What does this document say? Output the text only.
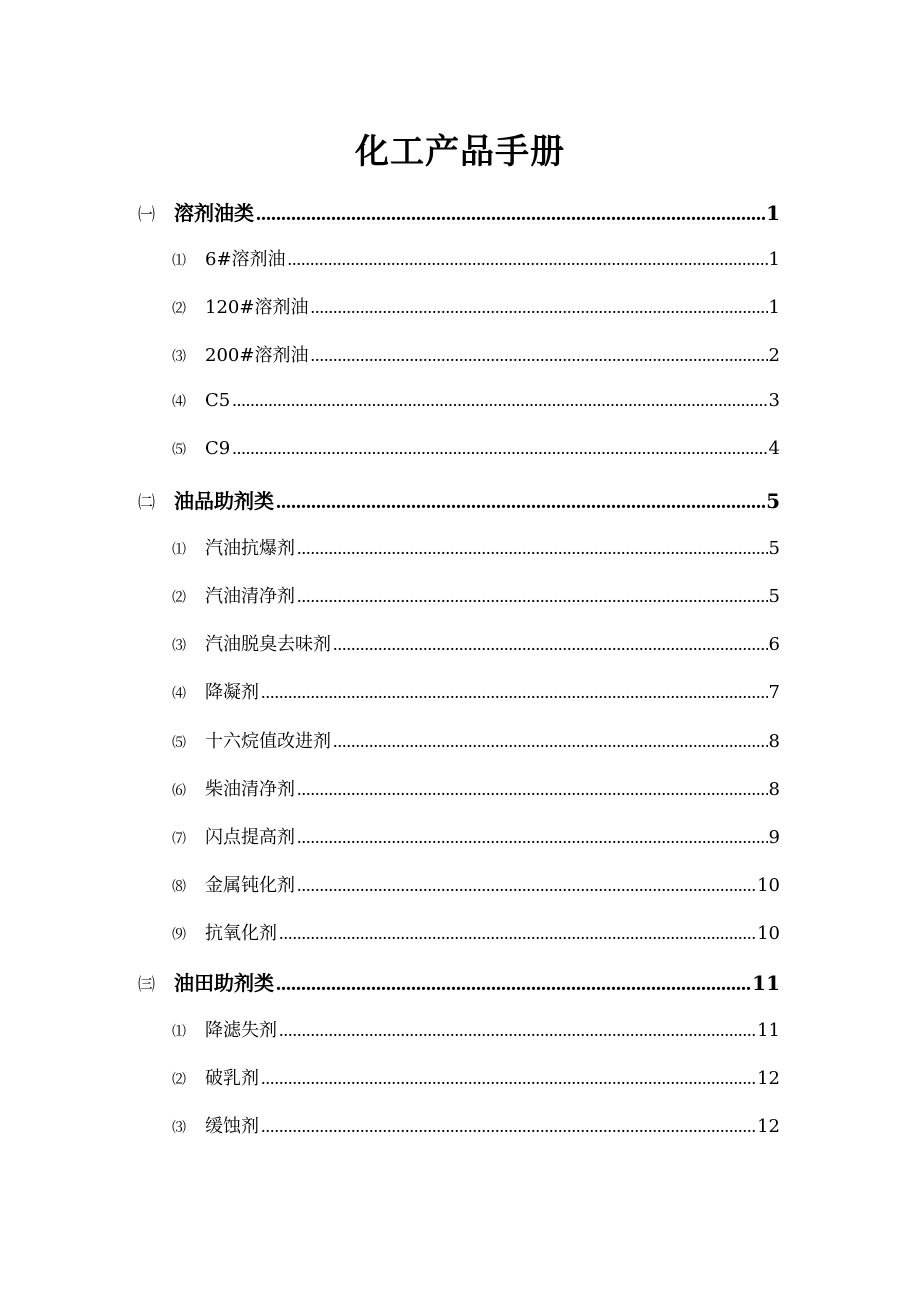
化工产品手册
㈠ 溶剂油类 .....	1
⑴	6#溶剂油 .....	1
⑵	120#溶剂油 .....	1
⑶	200#溶剂油 .....	2
⑷	C5 .....	3
⑸	C9 .....	4
㈡ 油品助剂类 .....	5
⑴	汽油抗爆剂 .....	5
⑵	汽油清净剂 .....	5
⑶	汽油脱臭去味剂 .....	6
⑷	降凝剂 .....	7
⑸	十六烷值改进剂 .....	8
⑹	柴油清净剂 .....	8
⑺	闪点提高剂 .....	9
⑻	金属钝化剂 .....	10
⑼	抗氧化剂 .....	10
㈢ 油田助剂类 .....	11
⑴	降滤失剂 .....	11
⑵	破乳剂 .....	12
⑶	缓蚀剂 .....	12
